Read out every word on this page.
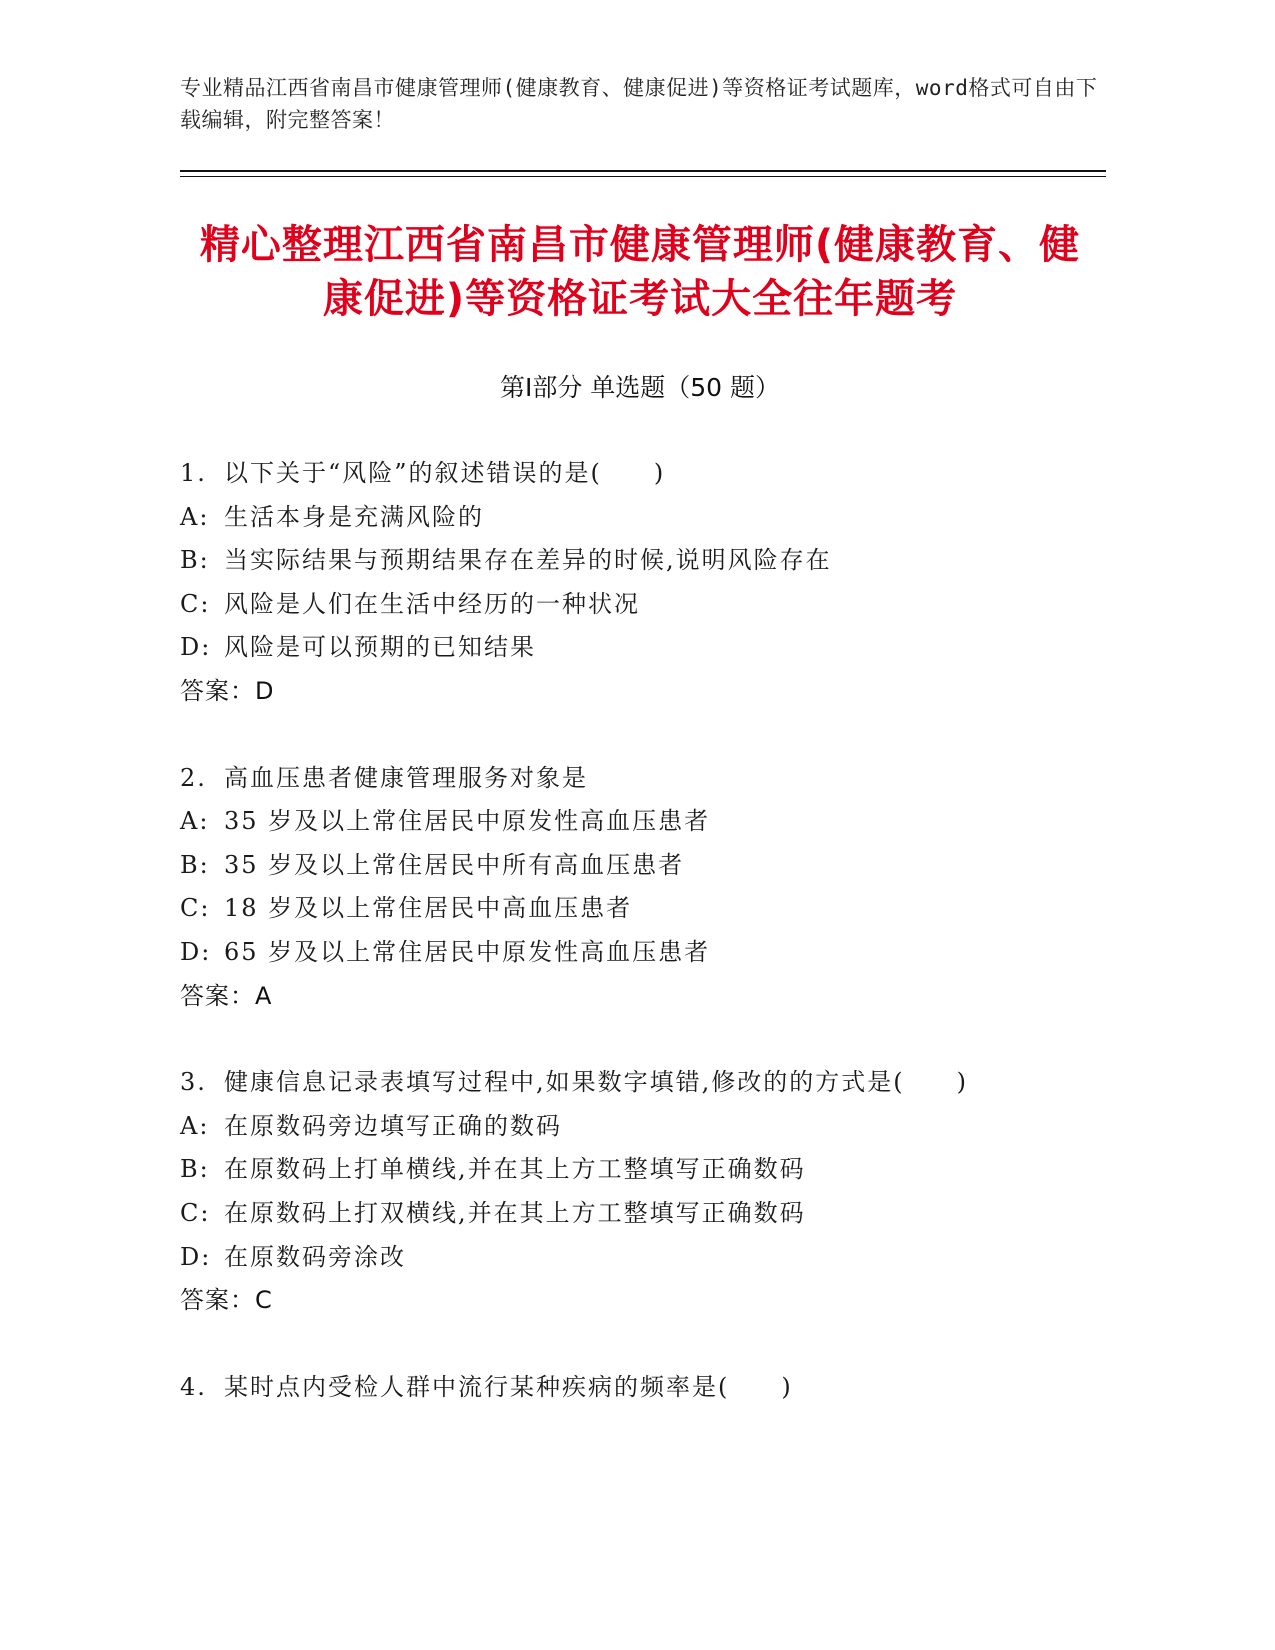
专业精品江西省南昌市健康管理师(健康教育、健康促进)等资格证考试题库，word格式可自由下载编辑，附完整答案！
精心整理江西省南昌市健康管理师(健康教育、健康促进)等资格证考试大全往年题考
第Ⅰ部分 单选题（50 题）
1. 以下关于“风险”的叙述错误的是(　　)
A: 生活本身是充满风险的
B: 当实际结果与预期结果存在差异的时候,说明风险存在
C: 风险是人们在生活中经历的一种状况
D: 风险是可以预期的已知结果
答案：D
2. 高血压患者健康管理服务对象是
A: 35 岁及以上常住居民中原发性高血压患者
B: 35 岁及以上常住居民中所有高血压患者
C: 18 岁及以上常住居民中高血压患者
D: 65 岁及以上常住居民中原发性高血压患者
答案：A
3. 健康信息记录表填写过程中,如果数字填错,修改的的方式是(　　)
A: 在原数码旁边填写正确的数码
B: 在原数码上打单横线,并在其上方工整填写正确数码
C: 在原数码上打双横线,并在其上方工整填写正确数码
D: 在原数码旁涂改
答案：C
4. 某时点内受检人群中流行某种疾病的频率是(　　)
